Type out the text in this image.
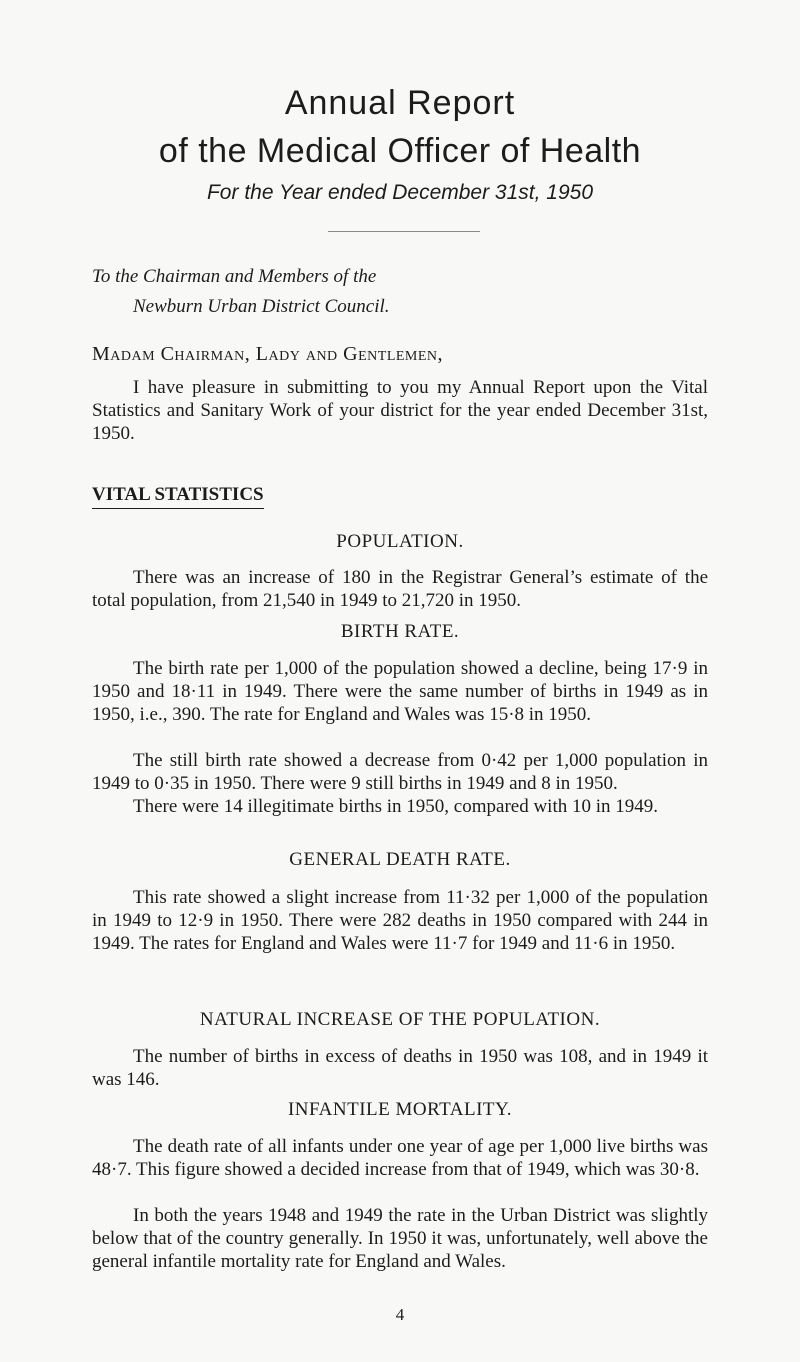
Annual Report
of the Medical Officer of Health

For the Year ended December 31st, 1950

To the Chairman and Members of the

Newburn Urban District Council.

Madam Chairman, Lady and Gentlemen,

I have pleasure in submitting to you my Annual Report upon the Vital Statistics and Sanitary Work of your district for the year ended December 31st, 1950.

VITAL STATISTICS
POPULATION.

There was an increase of 180 in the Registrar General’s estimate of the total population, from 21,540 in 1949 to 21,720 in 1950.

BIRTH RATE.

The birth rate per 1,000 of the population showed a decline, being 17·9 in 1950 and 18·11 in 1949. There were the same number of births in 1949 as in 1950, i.e., 390. The rate for England and Wales was 15·8 in 1950.

The still birth rate showed a decrease from 0·42 per 1,000 population in 1949 to 0·35 in 1950. There were 9 still births in 1949 and 8 in 1950.

There were 14 illegitimate births in 1950, compared with 10 in 1949.

GENERAL DEATH RATE.

This rate showed a slight increase from 11·32 per 1,000 of the population in 1949 to 12·9 in 1950. There were 282 deaths in 1950 compared with 244 in 1949. The rates for England and Wales were 11·7 for 1949 and 11·6 in 1950.

NATURAL INCREASE OF THE POPULATION.

The number of births in excess of deaths in 1950 was 108, and in 1949 it was 146.

INFANTILE MORTALITY.

The death rate of all infants under one year of age per 1,000 live births was 48·7. This figure showed a decided increase from that of 1949, which was 30·8.

In both the years 1948 and 1949 the rate in the Urban District was slightly below that of the country generally. In 1950 it was, unfortunately, well above the general infantile mortality rate for England and Wales.

4
